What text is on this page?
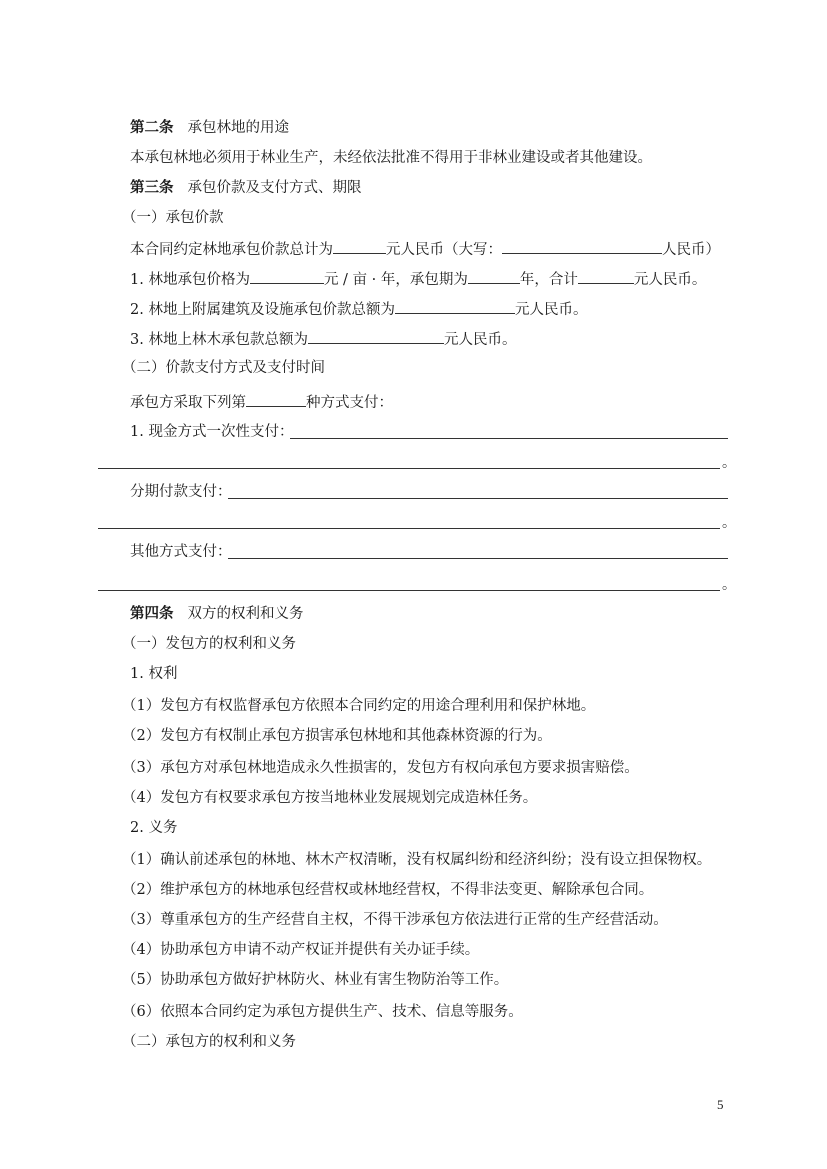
第二条 承包林地的用途
本承包林地必须用于林业生产，未经依法批准不得用于非林业建设或者其他建设。
第三条 承包价款及支付方式、期限
（一）承包价款
本合同约定林地承包价款总计为	元人民币（大写：	人民币）
1. 林地承包价格为	元 / 亩 · 年，承包期为	年，合计	元人民币。
2. 林地上附属建筑及设施承包价款总额为	元人民币。
3. 林地上林木承包款总额为	元人民币。
（二）价款支付方式及支付时间
承包方采取下列第	种方式支付：
1. 现金方式一次性支付：
。
分期付款支付：
。
其他方式支付：
。
第四条 双方的权利和义务
（一）发包方的权利和义务
1. 权利
（1）发包方有权监督承包方依照本合同约定的用途合理利用和保护林地。
（2）发包方有权制止承包方损害承包林地和其他森林资源的行为。
（3）承包方对承包林地造成永久性损害的，发包方有权向承包方要求损害赔偿。
（4）发包方有权要求承包方按当地林业发展规划完成造林任务。
2. 义务
（1）确认前述承包的林地、林木产权清晰，没有权属纠纷和经济纠纷；没有设立担保物权。
（2）维护承包方的林地承包经营权或林地经营权，不得非法变更、解除承包合同。
（3）尊重承包方的生产经营自主权，不得干涉承包方依法进行正常的生产经营活动。
（4）协助承包方申请不动产权证并提供有关办证手续。
（5）协助承包方做好护林防火、林业有害生物防治等工作。
（6）依照本合同约定为承包方提供生产、技术、信息等服务。
（二）承包方的权利和义务
5
